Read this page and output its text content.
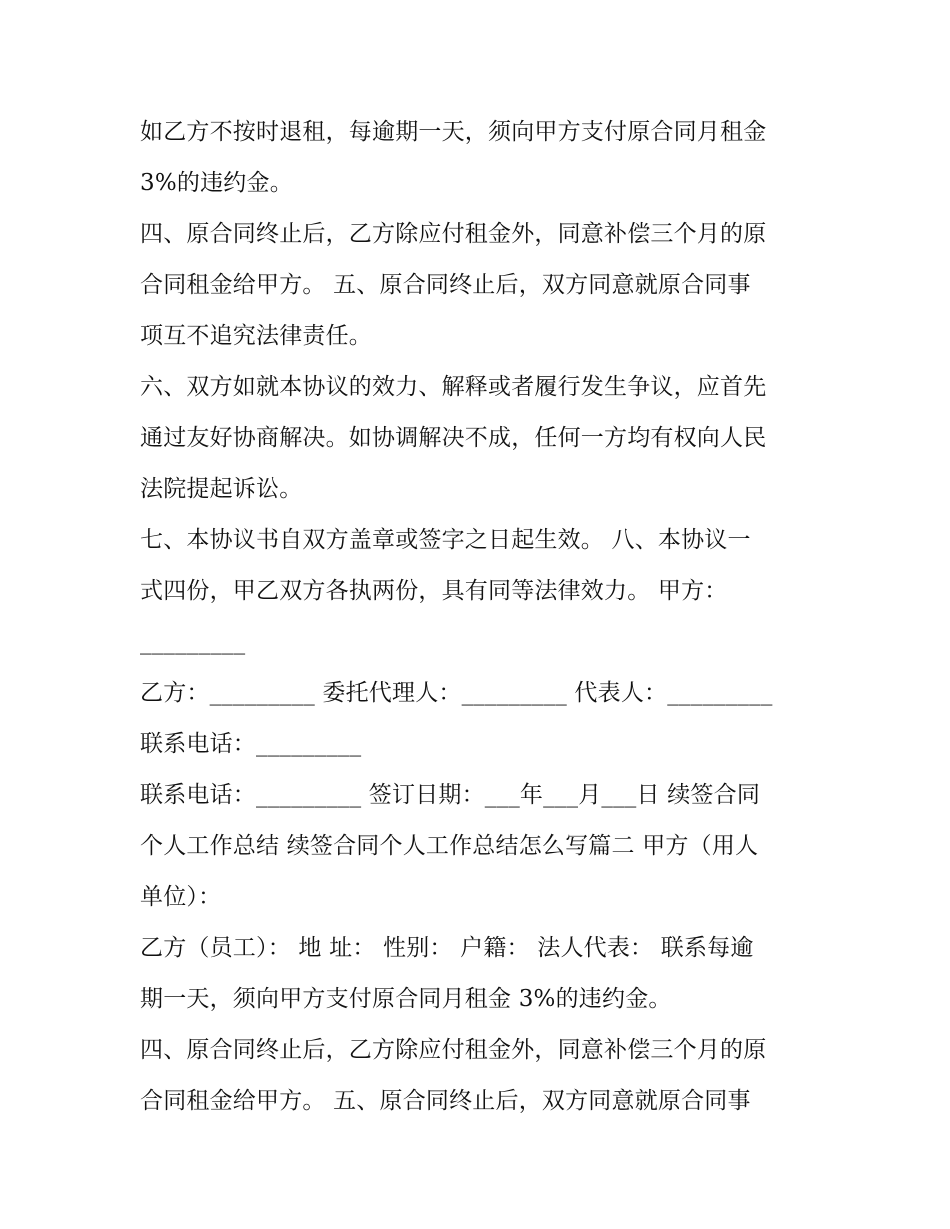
如乙方不按时退租，每逾期一天，须向甲方支付原合同月租金
3%的违约金。
四、原合同终止后，乙方除应付租金外，同意补偿三个月的原
合同租金给甲方。 五、原合同终止后，双方同意就原合同事
项互不追究法律责任。
六、双方如就本协议的效力、解释或者履行发生争议，应首先
通过友好协商解决。如协调解决不成，任何一方均有权向人民
法院提起诉讼。
七、本协议书自双方盖章或签字之日起生效。 八、本协议一
式四份，甲乙双方各执两份，具有同等法律效力。 甲方：
_________
乙方：_________ 委托代理人：_________ 代表人：_________
联系电话：_________
联系电话：_________ 签订日期：___年___月___日 续签合同
个人工作总结 续签合同个人工作总结怎么写篇二 甲方（用人
单位）：
乙方（员工）： 地 址： 性别： 户籍： 法人代表： 联系每逾
期一天，须向甲方支付原合同月租金 3%的违约金。
四、原合同终止后，乙方除应付租金外，同意补偿三个月的原
合同租金给甲方。 五、原合同终止后，双方同意就原合同事
